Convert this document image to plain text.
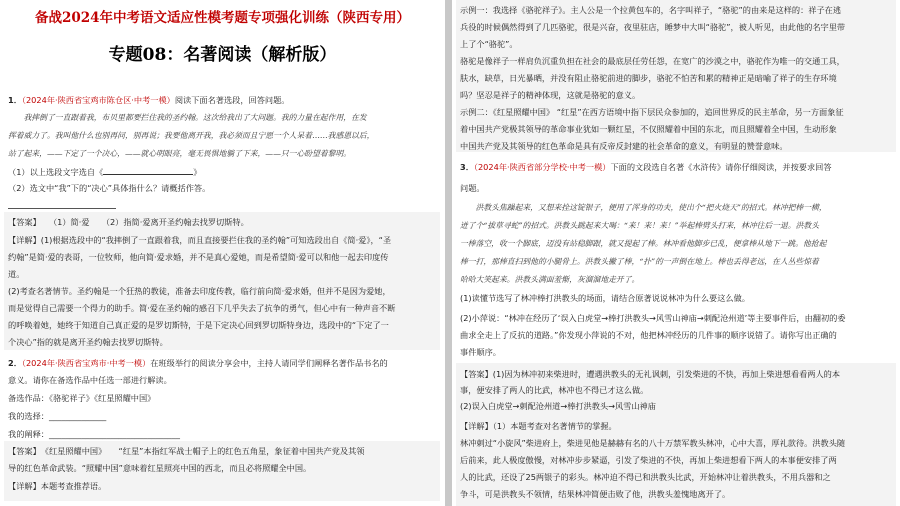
备战2024年中考语文适应性模考题专项强化训练（陕西专用）
专题08：名著阅读（解析版）
1．（2024年·陕西省宝鸡市陈仓区·中考一模）阅读下面名著选段，回答问题。
　　我摔倒了一直跟着我，布贝里都要拦住我的圣约翰。这次给我出了大问题。我的力量在起作用，在发
挥着威力了。我叫他什么也别再问，别再说；我要他离开我，我必须而且宁愿一个人呆着……我感恩以后，
站了起来，——下定了一个决心，——就心明眼亮，毫无畏惧地躺了下来，——只一心盼望着黎明。
（1）以上选段文字选自《	》
（2）选文中“我”下的“决心”具体指什么？请概括作答。
【答案】　　 （1）简·爱　　（2）指简·爱离开圣约翰去找罗切斯特。
【详解】(1)根据选段中的“我摔倒了一直跟着我，而且直接要拦住我的圣约翰”可知选段出自《简·爱》，“圣
约翰”是简·爱的表哥，一位牧师，他向简·爱求婚，并不是真心爱她，而是希望简·爱可以和他一起去印度传
道。
(2)考查名著情节。圣约翰是一个狂热的教徒，准备去印度传教，临行前向简·爱求婚，但并不是因为爱她，
而是觉得自己需要一个得力的助手。简·爱在圣约翰的感召下几乎失去了抗争的勇气，但心中有一种声音不断
的呼唤着她，她终于知道自己真正爱的是罗切斯特，于是下定决心回到罗切斯特身边，选段中的“下定了一
个决心”指的就是离开圣约翰去找罗切斯特。
2．（2024年·陕西省宝鸡市·中考一模）在班级举行的阅读分享会中，主持人请同学们阐释名著作品书名的
意义。请你在备选作品中任选一部进行解读。
备选作品：《骆驼祥子》《红星照耀中国》
我的选择：______________
我的阐释：________________________________
【答案】　 《红星照耀中国》　　“红星”本指红军战士帽子上的红色五角星，象征着中国共产党及其领
导的红色革命武装。“照耀中国”意味着红星照亮中国的西北，而且必将照耀全中国。
【详解】本题考查推荐语。
示例一：我选择《骆驼祥子》。主人公是一个拉黄包车的，名字叫祥子，“骆驼”的由来是这样的：祥子在逃
兵役的时候偶然得到了几匹骆驼，很是兴奋，夜里驻店，睡梦中大叫“骆驼”，被人听见，由此他的名字里带
上了个“骆驼”。
骆驼是像祥子一样肩负沉重负担在社会的最底层任劳任怨，在宽广的沙漠之中，骆驼作为唯一的交通工具，
肤水，缺草，日光暴晒，并没有阻止骆驼前进的脚步，骆驼不怕苦和累的精神正是暗喻了祥子的生存环境
吗？坚忍是祥子的精神体现，这就是骆驼的意义。
示例二：《红星照耀中国》 “红星”在西方语境中指下层民众参加的，追回世界反的民主革命，另一方面象征
着中国共产党极其领导的革命事业犹如一颗红星，不仅照耀着中国的东北，而且照耀着全中国，生动形象
中国共产党及其领导的红色革命是具有反帝反封建的社会革命的意义，有明显的赞誉意味。
3．（2024年·陕西省部分学校·中考一模）下面的文段选自名著《水浒传》请你仔细阅读，并按要求回答
问题。
　　洪教头焦躁起来，又想来拴这锭银子，便用了浑身的功夫，使出个“把火烧天”的招式。林冲把棒一横，
迸了个“拔草寻蛇”的招式。洪教头跳起来大喝：“来！来！来！”举起棒劈头打来，林冲往后一退。洪教头
一棒落空，收一个脚底，迈没有站稳脚跟，就又提起了棒。林冲看他脚步已乱，便拿棒从地下一跳。他抢起
棒一打，那棒直扫到他的小腿骨上。洪教头撇了棒，“扑”的一声倒在地上。棒也丢得老远，在人丛些惊着
哈哈大笑起来。洪教头满面羞惭，灰溜溜地走开了。
(1)读懂节选写了林冲棒打洪教头的场面，请结合原著说说林冲为什么要这么做。
(2)小萍说：“林冲在经历了‘误入白虎堂→棒打洪教头→风雪山神庙→刺配沧州道’等主要事件后，由翻初的委
曲求全走上了反抗的道路。”你发现小萍说的不对，他把林冲经历的几件事的顺序说错了。请你写出正确的
事件顺序。
【答案】(1)因为林冲初来柴进时，遭遇洪教头的无礼讽刺，引发柴进的不快，再加上柴进想看看两人的本
事，便安排了两人的比武，林冲也不得已才这么做。
(2)误入白虎堂→刺配沧州道→棒打洪教头→风雪山神庙
【详解】（1）本题考查对名著情节的掌握。
林冲刺过“小旋风”柴进府上，柴进见他是赫赫有名的八十万禁军教头林冲，心中大喜，厚礼款待。洪教头随
后前来，此人极度傲慢，对林冲步步紧逼，引发了柴进的不快，再加上柴进想看下两人的本事便安排了两
人的比武，还设了25两银子的彩头。林冲迫不得已和洪教头比武，开始林冲让着洪教头，不用兵器和之
争斗，可是洪教头不领情，结果林冲简便击败了他，洪教头羞愧地离开了。
